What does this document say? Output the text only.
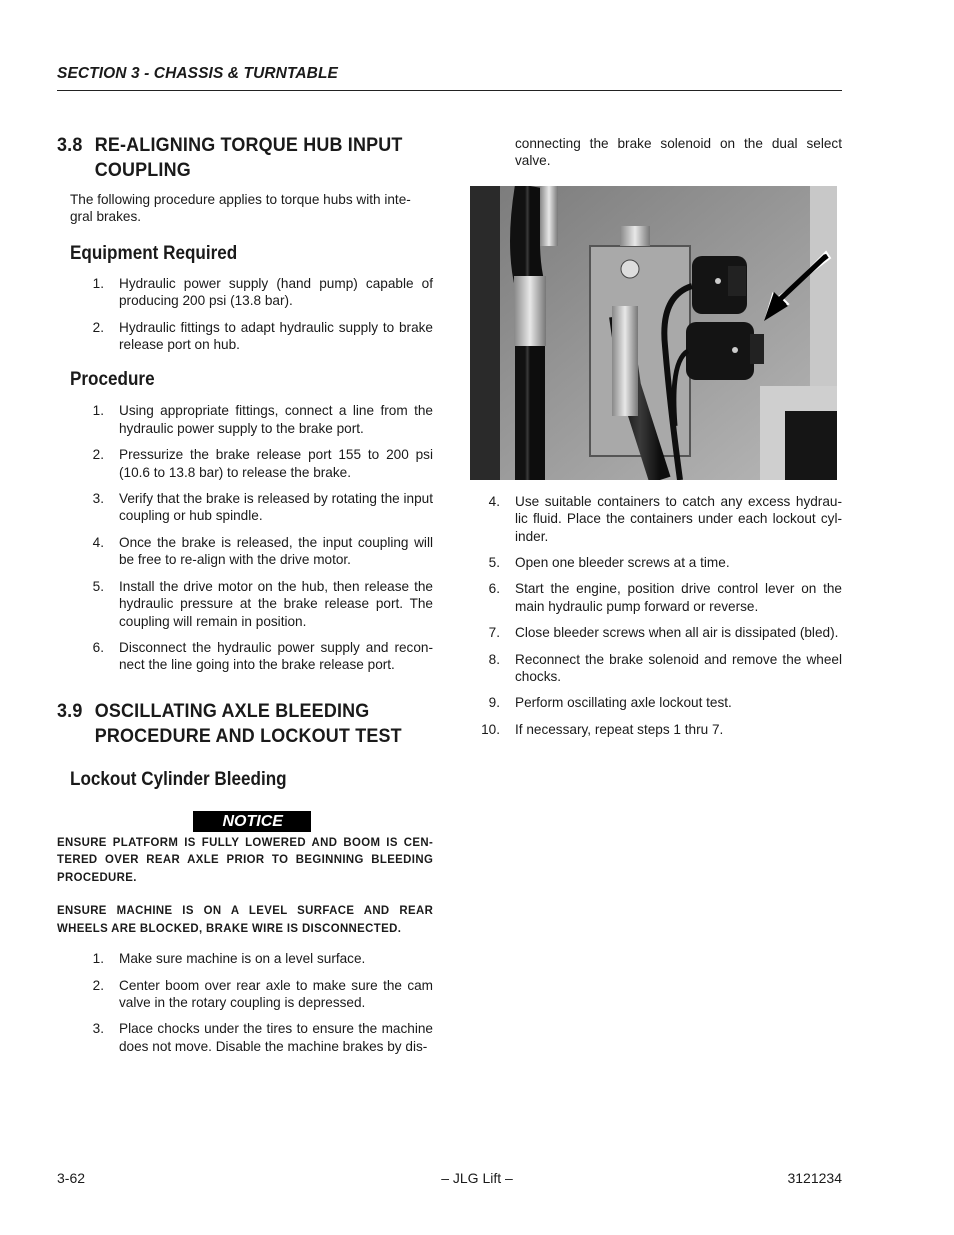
SECTION 3 - CHASSIS & TURNTABLE
3.8 RE-ALIGNING TORQUE HUB INPUT
COUPLING

The following procedure applies to torque hubs with inte-
gral brakes.

Equipment Required
1. Hydraulic power supply (hand pump) capable of producing 200 psi (13.8 bar).
2. Hydraulic fittings to adapt hydraulic supply to brake release port on hub.
Procedure
1. Using appropriate fittings, connect a line from the hydraulic power supply to the brake port.
2. Pressurize the brake release port 155 to 200 psi (10.6 to 13.8 bar) to release the brake.
3. Verify that the brake is released by rotating the input coupling or hub spindle.
4. Once the brake is released, the input coupling will be free to re-align with the drive motor.
5. Install the drive motor on the hub, then release the hydraulic pressure at the brake release port. The coupling will remain in position.
6. Disconnect the hydraulic power supply and recon- nect the line going into the brake release port.
3.9 OSCILLATING AXLE BLEEDING
PROCEDURE AND LOCKOUT TEST
Lockout Cylinder Bleeding
NOTICE
ENSURE PLATFORM IS FULLY LOWERED AND BOOM IS CEN- TERED OVER REAR AXLE PRIOR TO BEGINNING BLEEDING PROCEDURE.
ENSURE MACHINE IS ON A LEVEL SURFACE AND REAR WHEELS ARE BLOCKED, BRAKE WIRE IS DISCONNECTED.
1. Make sure machine is on a level surface.
2. Center boom over rear axle to make sure the cam valve in the rotary coupling is depressed.
3. Place chocks under the tires to ensure the machine does not move. Disable the machine brakes by dis-

connecting the brake solenoid on the dual select valve.

4. Use suitable containers to catch any excess hydrau- lic fluid. Place the containers under each lockout cyl- inder.
5. Open one bleeder screws at a time.
6. Start the engine, position drive control lever on the main hydraulic pump forward or reverse.
7. Close bleeder screws when all air is dissipated (bled).
8. Reconnect the brake solenoid and remove the wheel chocks.
9. Perform oscillating axle lockout test.
10. If necessary, repeat steps 1 thru 7.
3-62	– JLG Lift –	3121234
